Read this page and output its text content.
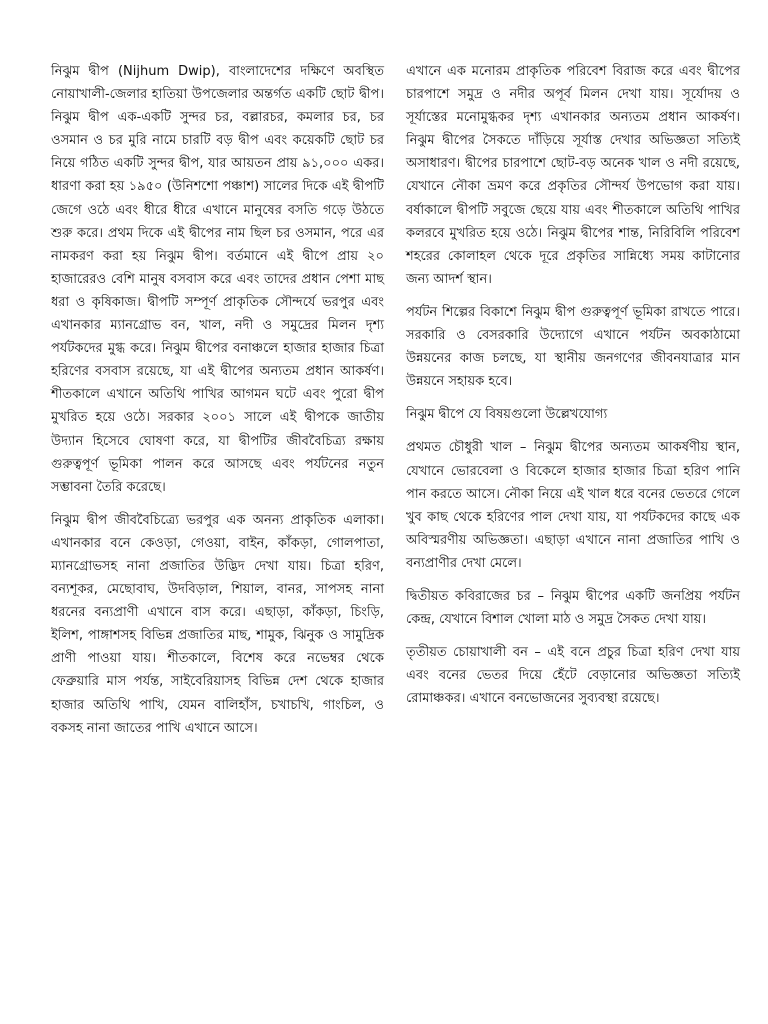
নিঝুম দ্বীপ (Nijhum Dwip), বাংলাদেশের দক্ষিণে অবস্থিত নোয়াখালী-জেলার হাতিয়া উপজেলার অন্তর্গত একটি ছোট দ্বীপ। নিঝুম দ্বীপ এক-একটি সুন্দর চর, বল্লারচর, কমলার চর, চর ওসমান ও চর মুরি নামে চারটি বড় দ্বীপ এবং কয়েকটি ছোট চর নিয়ে গঠিত একটি সুন্দর দ্বীপ, যার আয়তন প্রায় ৯১,০০০ একর। ধারণা করা হয় ১৯৫০ (উনিশশো পঞ্চাশ) সালের দিকে এই দ্বীপটি জেগে ওঠে এবং ধীরে ধীরে এখানে মানুষের বসতি গড়ে উঠতে শুরু করে। প্রথম দিকে এই দ্বীপের নাম ছিল চর ওসমান, পরে এর নামকরণ করা হয় নিঝুম দ্বীপ। বর্তমানে এই দ্বীপে প্রায় ২০ হাজারেরও বেশি মানুষ বসবাস করে এবং তাদের প্রধান পেশা মাছ ধরা ও কৃষিকাজ। দ্বীপটি সম্পূর্ণ প্রাকৃতিক সৌন্দর্যে ভরপুর এবং এখানকার ম্যানগ্রোভ বন, খাল, নদী ও সমুদ্রের মিলন দৃশ্য পর্যটকদের মুগ্ধ করে। নিঝুম দ্বীপের বনাঞ্চলে হাজার হাজার চিত্রা হরিণের বসবাস রয়েছে, যা এই দ্বীপের অন্যতম প্রধান আকর্ষণ। শীতকালে এখানে অতিথি পাখির আগমন ঘটে এবং পুরো দ্বীপ মুখরিত হয়ে ওঠে। সরকার ২০০১ সালে এই দ্বীপকে জাতীয় উদ্যান হিসেবে ঘোষণা করে, যা দ্বীপটির জীববৈচিত্র্য রক্ষায় গুরুত্বপূর্ণ ভূমিকা পালন করে আসছে এবং পর্যটনের নতুন সম্ভাবনা তৈরি করেছে।

নিঝুম দ্বীপ জীববৈচিত্র্যে ভরপুর এক অনন্য প্রাকৃতিক এলাকা। এখানকার বনে কেওড়া, গেওয়া, বাইন, কাঁকড়া, গোলপাতা, ম্যানগ্রোভসহ নানা প্রজাতির উদ্ভিদ দেখা যায়। চিত্রা হরিণ, বন্যশূকর, মেছোবাঘ, উদবিড়াল, শিয়াল, বানর, সাপসহ নানা ধরনের বন্যপ্রাণী এখানে বাস করে। এছাড়া, কাঁকড়া, চিংড়ি, ইলিশ, পাঙ্গাশসহ বিভিন্ন প্রজাতির মাছ, শামুক, ঝিনুক ও সামুদ্রিক প্রাণী পাওয়া যায়। শীতকালে, বিশেষ করে নভেম্বর থেকে ফেব্রুয়ারি মাস পর্যন্ত, সাইবেরিয়াসহ বিভিন্ন দেশ থেকে হাজার হাজার অতিথি পাখি, যেমন বালিহাঁস, চখাচখি, গাংচিল, ও বকসহ নানা জাতের পাখি এখানে আসে।

এখানে এক মনোরম প্রাকৃতিক পরিবেশ বিরাজ করে এবং দ্বীপের চারপাশে সমুদ্র ও নদীর অপূর্ব মিলন দেখা যায়। সূর্যোদয় ও সূর্যাস্তের মনোমুগ্ধকর দৃশ্য এখানকার অন্যতম প্রধান আকর্ষণ। নিঝুম দ্বীপের সৈকতে দাঁড়িয়ে সূর্যাস্ত দেখার অভিজ্ঞতা সত্যিই অসাধারণ। দ্বীপের চারপাশে ছোট-বড় অনেক খাল ও নদী রয়েছে, যেখানে নৌকা ভ্রমণ করে প্রকৃতির সৌন্দর্য উপভোগ করা যায়। বর্ষাকালে দ্বীপটি সবুজে ছেয়ে যায় এবং শীতকালে অতিথি পাখির কলরবে মুখরিত হয়ে ওঠে। নিঝুম দ্বীপের শান্ত, নিরিবিলি পরিবেশ শহরের কোলাহল থেকে দূরে প্রকৃতির সান্নিধ্যে সময় কাটানোর জন্য আদর্শ স্থান।

পর্যটন শিল্পের বিকাশে নিঝুম দ্বীপ গুরুত্বপূর্ণ ভূমিকা রাখতে পারে। সরকারি ও বেসরকারি উদ্যোগে এখানে পর্যটন অবকাঠামো উন্নয়নের কাজ চলছে, যা স্থানীয় জনগণের জীবনযাত্রার মান উন্নয়নে সহায়ক হবে।

নিঝুম দ্বীপে যে বিষয়গুলো উল্লেখযোগ্য

প্রথমত চৌধুরী খাল – নিঝুম দ্বীপের অন্যতম আকর্ষণীয় স্থান, যেখানে ভোরবেলা ও বিকেলে হাজার হাজার চিত্রা হরিণ পানি পান করতে আসে। নৌকা নিয়ে এই খাল ধরে বনের ভেতরে গেলে খুব কাছ থেকে হরিণের পাল দেখা যায়, যা পর্যটকদের কাছে এক অবিস্মরণীয় অভিজ্ঞতা। এছাড়া এখানে নানা প্রজাতির পাখি ও বন্যপ্রাণীর দেখা মেলে।

দ্বিতীয়ত কবিরাজের চর – নিঝুম দ্বীপের একটি জনপ্রিয় পর্যটন কেন্দ্র, যেখানে বিশাল খোলা মাঠ ও সমুদ্র সৈকত দেখা যায়।

তৃতীয়ত চোয়াখালী বন – এই বনে প্রচুর চিত্রা হরিণ দেখা যায় এবং বনের ভেতর দিয়ে হেঁটে বেড়ানোর অভিজ্ঞতা সত্যিই রোমাঞ্চকর। এখানে বনভোজনের সুব্যবস্থা রয়েছে।
